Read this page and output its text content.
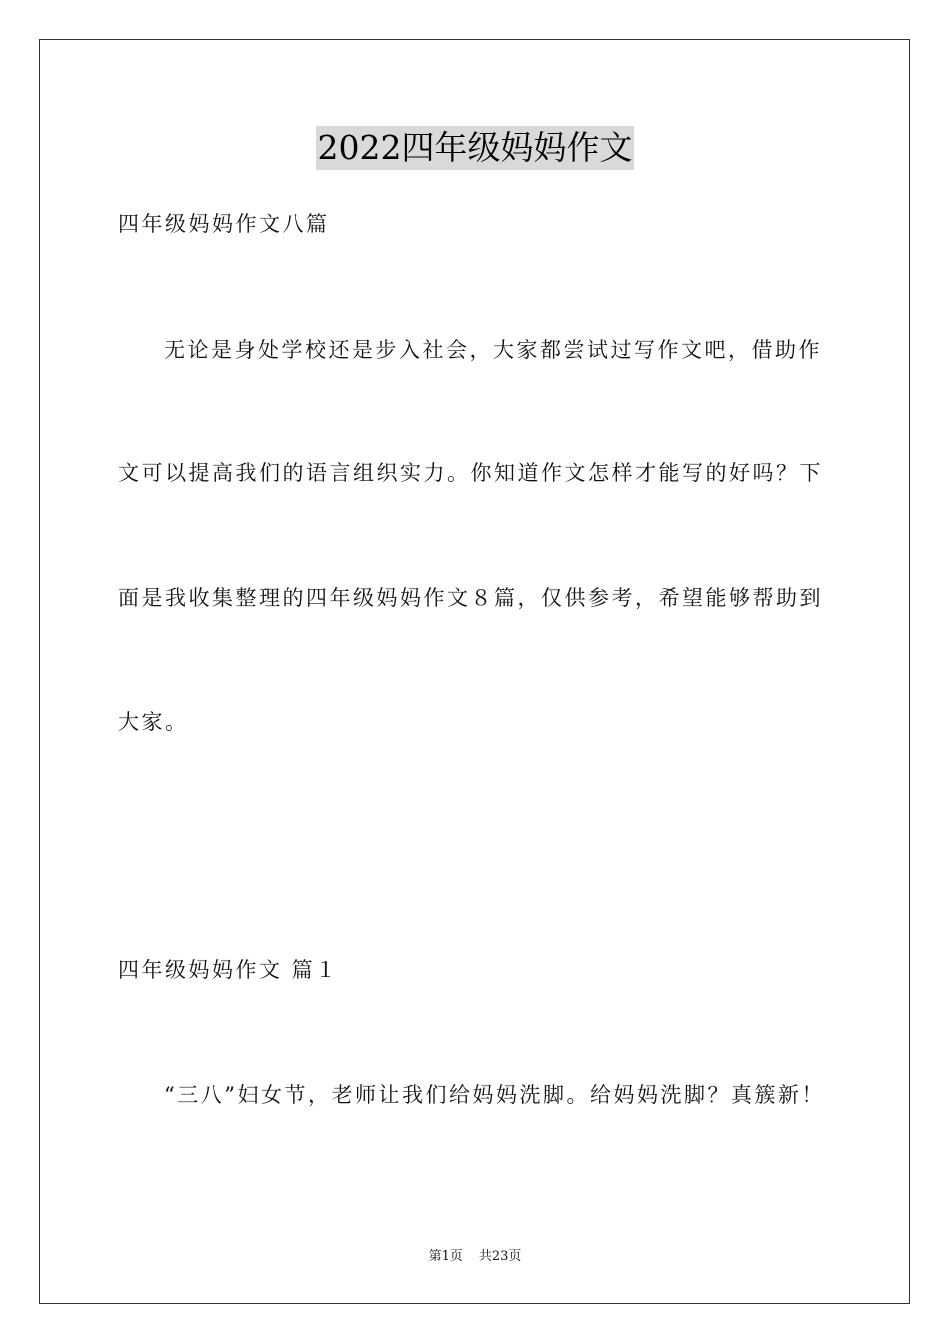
2022四年级妈妈作文
四年级妈妈作文八篇
无论是身处学校还是步入社会，大家都尝试过写作文吧，借助作
文可以提高我们的语言组织实力。你知道作文怎样才能写的好吗？下
面是我收集整理的四年级妈妈作文８篇，仅供参考，希望能够帮助到
大家。
四年级妈妈作文 篇１
“三八”妇女节，老师让我们给妈妈洗脚。给妈妈洗脚？真簇新！
第1页 共23页
